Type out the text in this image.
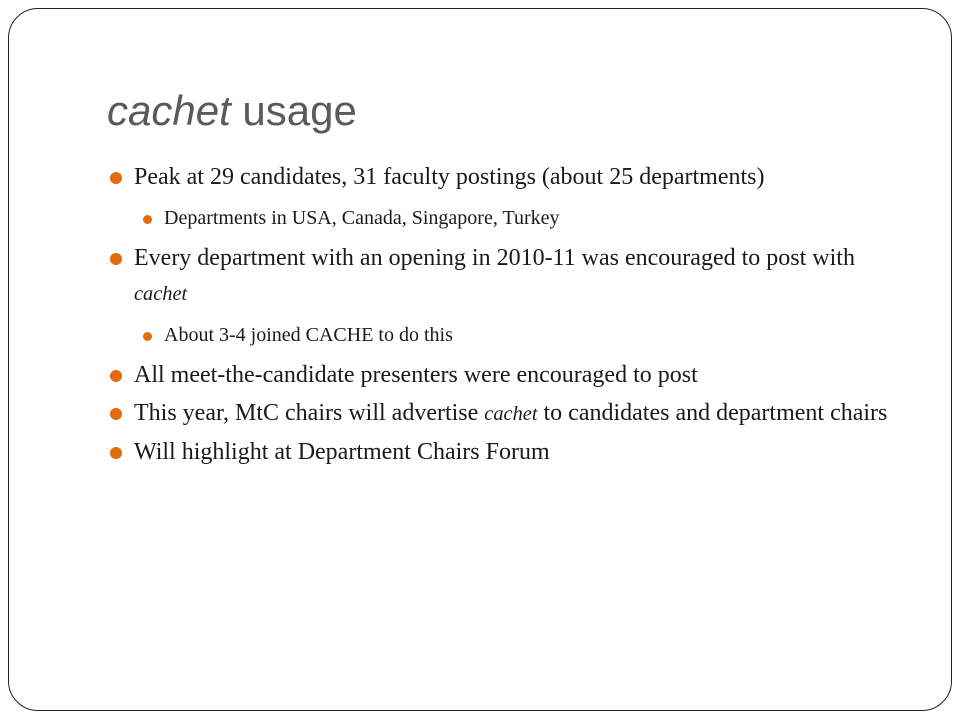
cachet usage
Peak at 29 candidates, 31 faculty postings (about 25 departments)
Departments in USA, Canada, Singapore, Turkey
Every department with an opening in 2010-11 was encouraged to post with cachet
About 3-4 joined CACHE to do this
All meet-the-candidate presenters were encouraged to post
This year, MtC chairs will advertise cachet to candidates and department chairs
Will highlight at Department Chairs Forum
